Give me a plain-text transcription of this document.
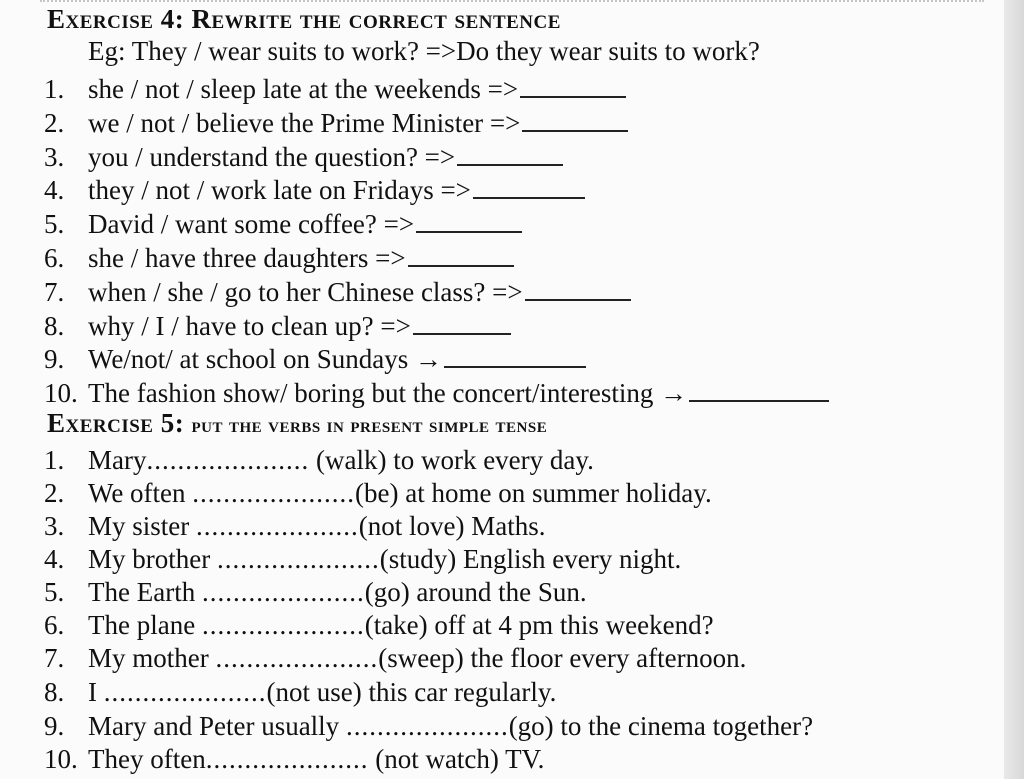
Exercise 4: Rewrite the correct sentence
Eg: They / wear suits to work? =>Do they wear suits to work?
1. she / not / sleep late at the weekends =>
2. we / not / believe the Prime Minister =>
3. you / understand the question? =>
4. they / not / work late on Fridays =>
5. David / want some coffee? =>
6. she / have three daughters =>
7. when / she / go to her Chinese class? =>
8. why / I / have to clean up? =>
9. We/not/ at school on Sundays →
10. The fashion show/ boring but the concert/interesting →
Exercise 5: put the verbs in present simple tense
1. Mary..................... (walk) to work every day.
2. We often .....................(be) at home on summer holiday.
3. My sister .....................(not love) Maths.
4. My brother .....................(study) English every night.
5. The Earth .....................(go) around the Sun.
6. The plane .....................(take) off at 4 pm this weekend?
7. My mother .....................(sweep) the floor every afternoon.
8. I .....................(not use) this car regularly.
9. Mary and Peter usually .....................(go) to the cinema together?
10. They often..................... (not watch) TV.
